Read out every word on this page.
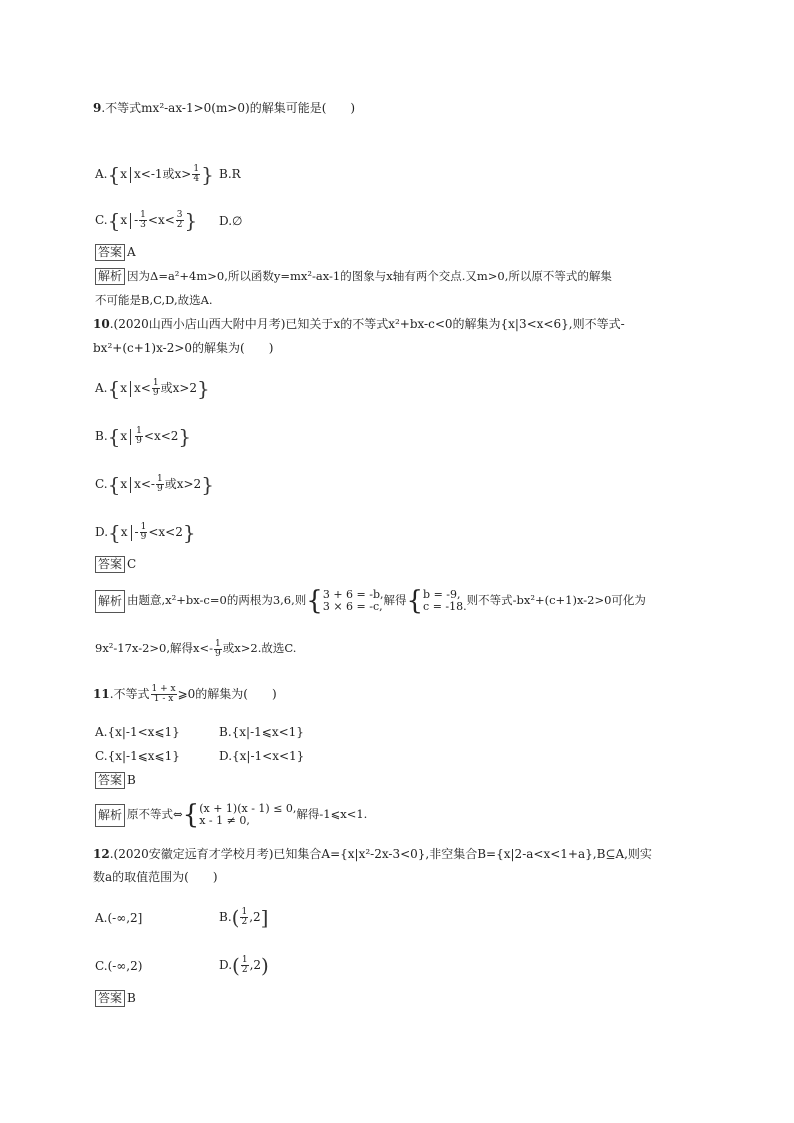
9.不等式mx²-ax-1>0(m>0)的解集可能是(　　)
A.{x x<-1或$x> \frac{1}{4}$ } B.R
$C.\{x - \frac{1}{3} <x< \frac{3}{2}$ } D.∅
答案 A
解析 因为Δ=a²+4m>0,所以函数y=mx²-ax-1的图象与x轴有两个交点.又m>0,所以原不等式的解集
不可能是B,C,D,故选A.
10.(2020山西小店山西大附中月考)已知关于x的不等式x²+bx-c<0的解集为{x|3<x<6},则不等式-
bx²+(c+1)x-2>0的解集为(　　)
A.{x $x< \frac{1}{9}$ 或x>2}
$B.\{x \frac{1}{9} <x<2\}$
C.{x $x<- \frac{1}{9}$ 或x>2}
$D.\{x - \frac{1}{9} <x<2\}$
答案 C
解析 由题意,x²+bx-c=0的两根为3,6,则{ 3 + 6 = -b,
3 × 6 = -c, 解得{ b = -9,
c = -18. 则不等式-bx²+(c+1)x-2>0可化为
9x²-17x-2>0,解得$x<- \frac{1}{9}$ 或x>2.故选C.
11.不等式 $\frac{1 + x}{1 - x}$ ⩾0的解集为(　　)
A.{x|-1<x⩽1}	B.{x|-1⩽x<1}
C.{x|-1⩽x⩽1}	D.{x|-1<x<1}
答案 B
解析 原不等式⇔{ (x + 1)(x - 1) ≤ 0,
x - 1 ≠ 0,	解得-1⩽x<1.
12.(2020安徽定远育才学校月考)已知集合A={x|x²-2x-3<0},非空集合B={x|2-a<x<1+a},B⊆A,则实
数a的取值范围为(　　)
A.(-∞,2]	$B.( \frac{1}{2} ,2]$
C.(-∞,2)	$D.( \frac{1}{2} ,2)$
答案 B
